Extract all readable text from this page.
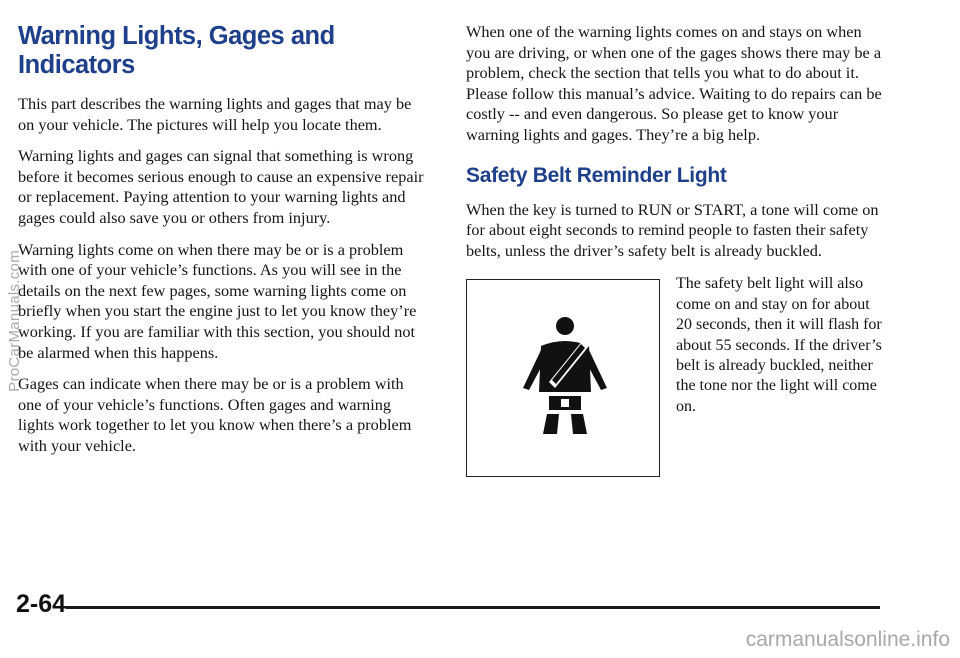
Warning Lights, Gages and Indicators

This part describes the warning lights and gages that may be on your vehicle. The pictures will help you locate them.

Warning lights and gages can signal that something is wrong before it becomes serious enough to cause an expensive repair or replacement. Paying attention to your warning lights and gages could also save you or others from injury.

Warning lights come on when there may be or is a problem with one of your vehicle’s functions. As you will see in the details on the next few pages, some warning lights come on briefly when you start the engine just to let you know they’re working. If you are familiar with this section, you should not be alarmed when this happens.

Gages can indicate when there may be or is a problem with one of your vehicle’s functions. Often gages and warning lights work together to let you know when there’s a problem with your vehicle.

When one of the warning lights comes on and stays on when you are driving, or when one of the gages shows there may be a problem, check the section that tells you what to do about it. Please follow this manual’s advice. Waiting to do repairs can be costly -- and even dangerous. So please get to know your warning lights and gages. They’re a big help.

Safety Belt Reminder Light

When the key is turned to RUN or START, a tone will come on for about eight seconds to remind people to fasten their safety belts, unless the driver’s safety belt is already buckled.

The safety belt light will also come on and stay on for about 20 seconds, then it will flash for about 55 seconds. If the driver’s belt is already buckled, neither the tone nor the light will come on.

2-64
ProCarManuals.com
carmanualsonline.info
